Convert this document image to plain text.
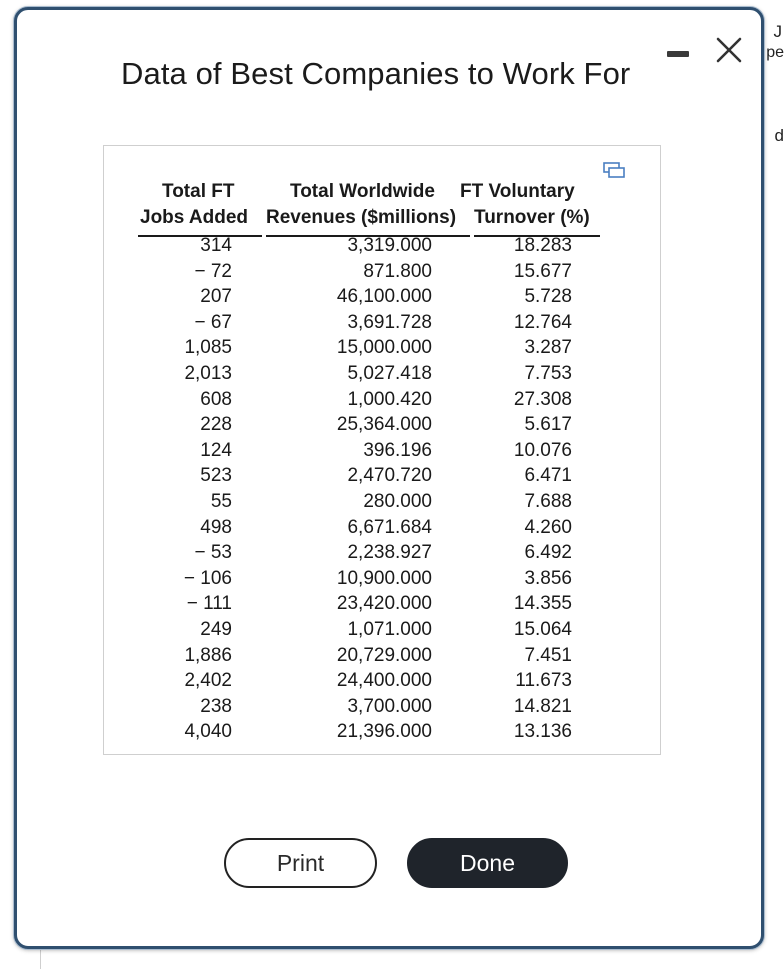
J
pe
d
Data of Best Companies to Work For
Total FT
Jobs Added
Total Worldwide
Revenues ($millions)
FT Voluntary
Turnover (%)
314	3,319.000	18.283
− 72	871.800	15.677
207	46,100.000	5.728
− 67	3,691.728	12.764
1,085	15,000.000	3.287
2,013	5,027.418	7.753
608	1,000.420	27.308
228	25,364.000	5.617
124	396.196	10.076
523	2,470.720	6.471
55	280.000	7.688
498	6,671.684	4.260
− 53	2,238.927	6.492
− 106	10,900.000	3.856
− 111	23,420.000	14.355
249	1,071.000	15.064
1,886	20,729.000	7.451
2,402	24,400.000	11.673
238	3,700.000	14.821
4,040	21,396.000	13.136
Print	Done
